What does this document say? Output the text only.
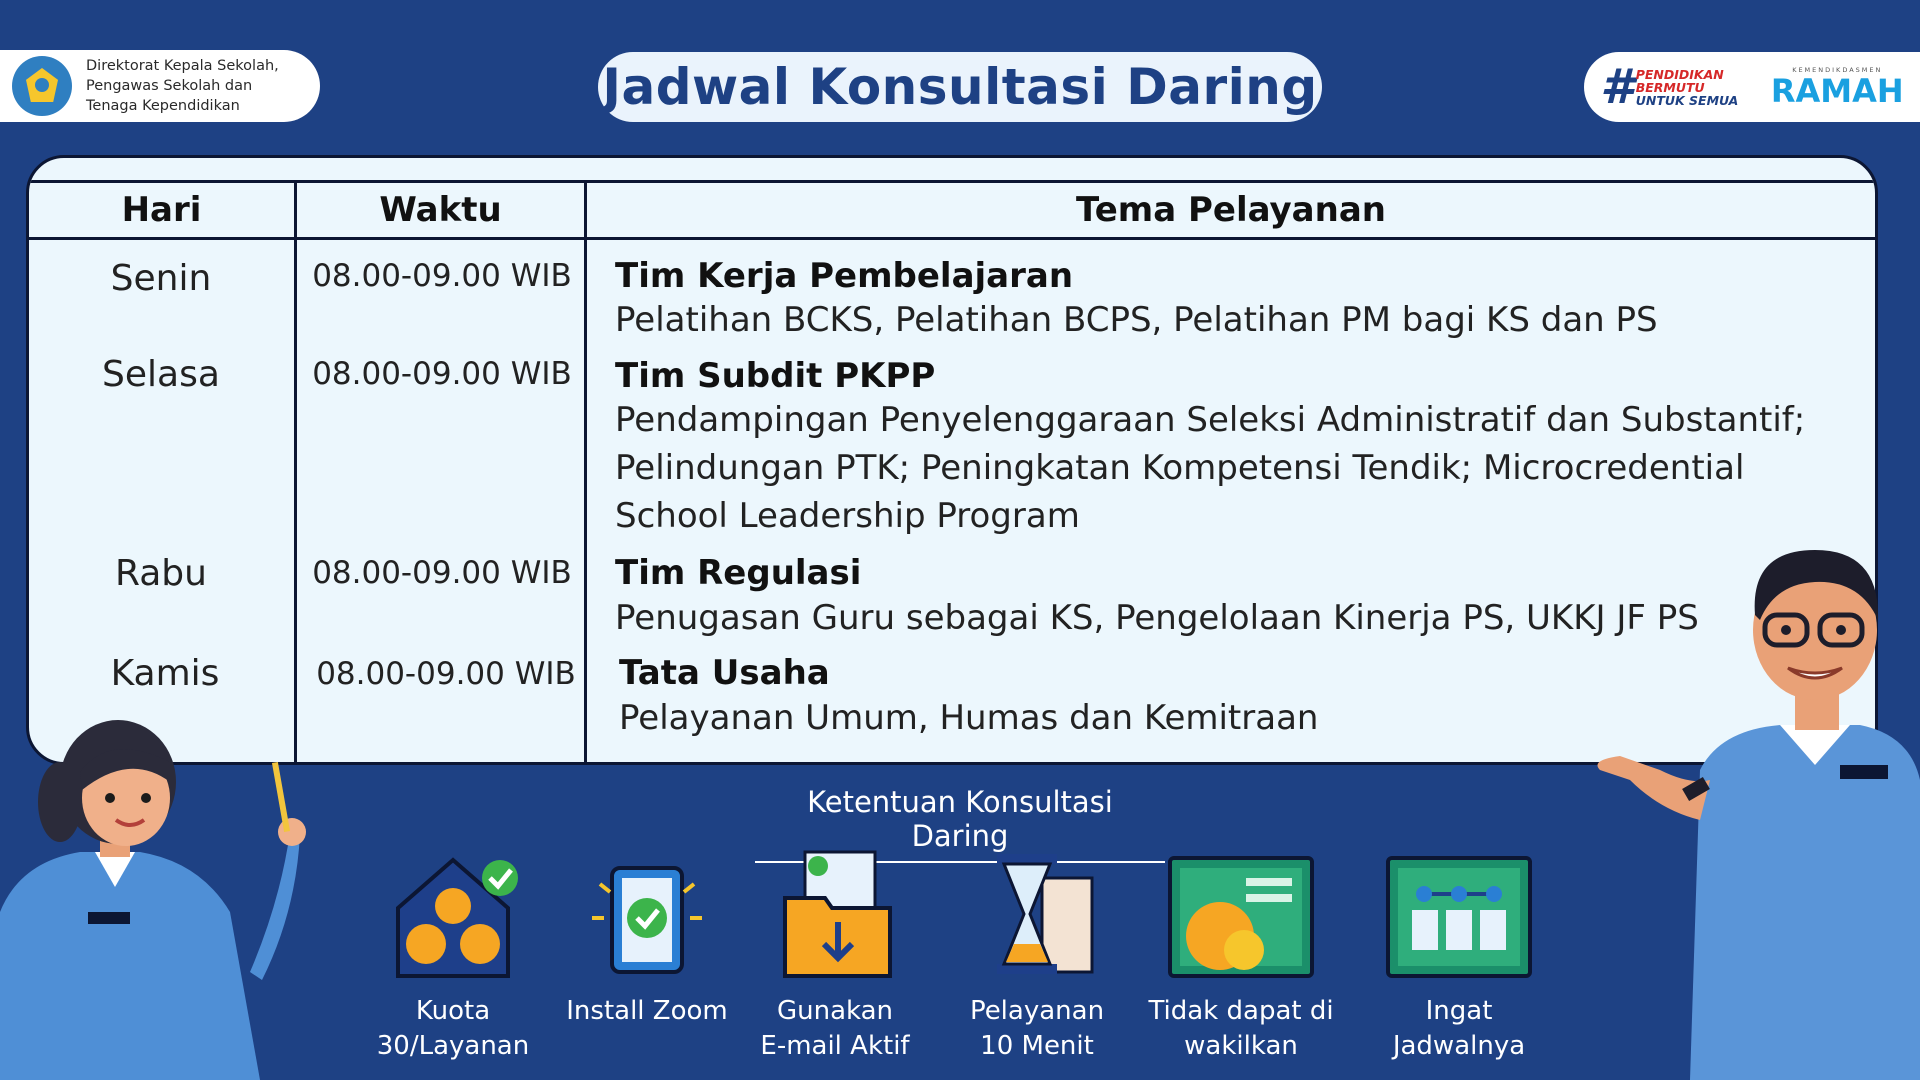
Direktorat Kepala Sekolah,
Pengawas Sekolah dan
Tenaga Kependidikan	Jadwal Konsultasi Daring	# PENDIDIKAN
BERMUTU
UNTUK SEMUA
KEMENDIKDASMEN
RAMAH
Hari	Waktu	Tema Pelayanan
Senin	08.00-09.00 WIB	Tim Kerja Pembelajaran
Pelatihan BCKS, Pelatihan BCPS, Pelatihan PM bagi KS dan PS
Selasa	08.00-09.00 WIB	Tim Subdit PKPP
Pendampingan Penyelenggaraan Seleksi Administratif dan Substantif;
Pelindungan PTK; Peningkatan Kompetensi Tendik; Microcredential
School Leadership Program
Rabu	08.00-09.00 WIB	Tim Regulasi
Penugasan Guru sebagai KS, Pengelolaan Kinerja PS, UKKJ JF PS
Kamis	08.00-09.00 WIB	Tata Usaha
Pelayanan Umum, Humas dan Kemitraan
Ketentuan Konsultasi Daring
Kuota
30/Layanan
Install Zoom	Gunakan
E-mail Aktif
Pelayanan
10 Menit
Tidak dapat di
wakilkan
Ingat
Jadwalnya
